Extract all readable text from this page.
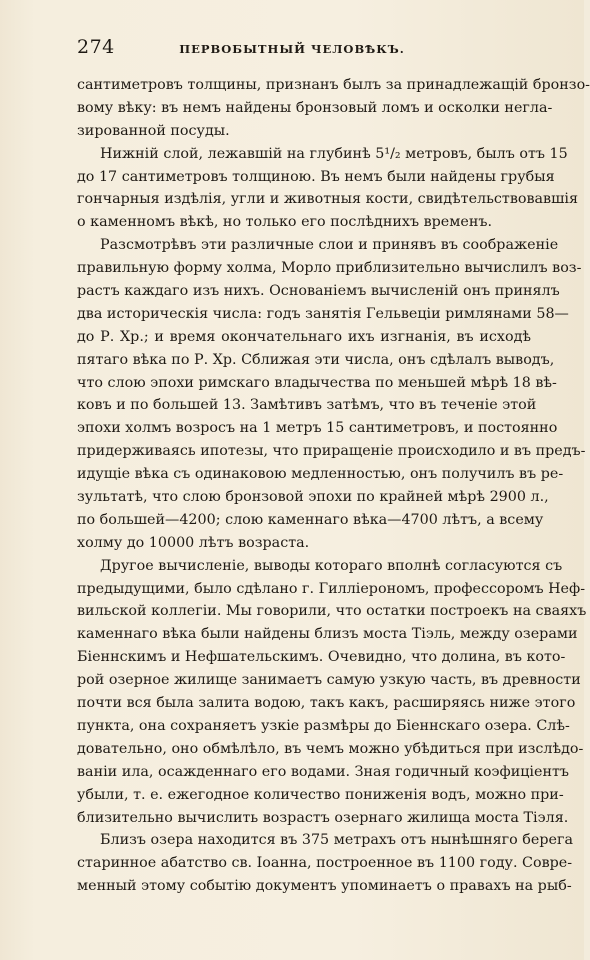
274	ПЕРВОБЫТНЫЙ ЧЕЛОВѢКЪ.
сантиметровъ толщины, признанъ былъ за принадлежащій бронзо-
вому вѣку: въ немъ найдены бронзовый ломъ и осколки негла-
зированной посуды.
Нижній слой, лежавшій на глубинѣ 5¹/₂ метровъ, былъ отъ 15
до 17 сантиметровъ толщиною. Въ немъ были найдены грубыя
гончарныя издѣлія, угли и животныя кости, свидѣтельствовавшія
о каменномъ вѣкѣ, но только его послѣднихъ временъ.
Разсмотрѣвъ эти различные слои и принявъ въ соображеніе
правильную форму холма, Морло приблизительно вычислилъ воз-
растъ каждаго изъ нихъ. Основаніемъ вычисленій онъ принялъ
два историческія числа: годъ занятія Гельвеціи римлянами 58—
до Р. Хр.; и время окончательнаго ихъ изгнанія, въ исходѣ
пятаго вѣка по Р. Хр. Сближая эти числа, онъ сдѣлалъ выводъ,
что слою эпохи римскаго владычества по меньшей мѣрѣ 18 вѣ-
ковъ и по большей 13. Замѣтивъ затѣмъ, что въ теченіе этой
эпохи холмъ возросъ на 1 метръ 15 сантиметровъ, и постоянно
придерживаясь ипотезы, что приращеніе происходило и въ предъ-
идущіе вѣка съ одинаковою медленностью, онъ получилъ въ ре-
зультатѣ, что слою бронзовой эпохи по крайней мѣрѣ 2900 л.,
по большей—4200; слою каменнаго вѣка—4700 лѣтъ, а всему
холму до 10000 лѣтъ возраста.
Другое вычисленіе, выводы котораго вполнѣ согласуются съ
предыдущими, было сдѣлано г. Гилліерономъ, профессоромъ Неф-
вильской коллегіи. Мы говорили, что остатки построекъ на сваяхъ
каменнаго вѣка были найдены близъ моста Тіэль, между озерами
Біеннскимъ и Нефшательскимъ. Очевидно, что долина, въ кото-
рой озерное жилище занимаетъ самую узкую часть, въ древности
почти вся была залита водою, такъ какъ, расширяясь ниже этого
пункта, она сохраняетъ узкіе размѣры до Біеннскаго озера. Слѣ-
довательно, оно обмѣлѣло, въ чемъ можно убѣдиться при изслѣдо-
ваніи ила, осажденнаго его водами. Зная годичный коэфиціентъ
убыли, т. е. ежегодное количество пониженія водъ, можно при-
близительно вычислить возрастъ озернаго жилища моста Тіэля.
Близъ озера находится въ 375 метрахъ отъ нынѣшняго берега
старинное абатство св. Іоанна, построенное въ 1100 году. Совре-
менный этому событію документъ упоминаетъ о правахъ на рыб-
